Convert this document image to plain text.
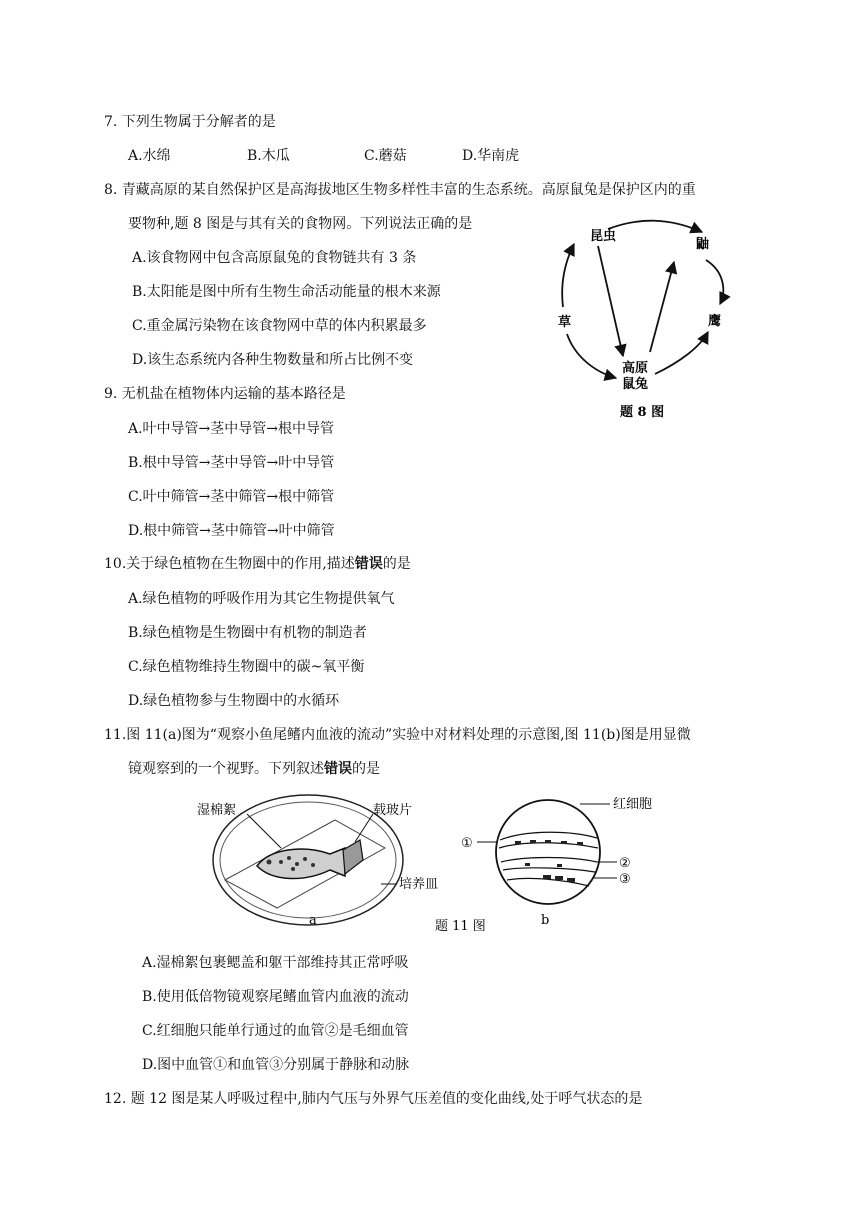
7. 下列生物属于分解者的是
A.水绵	B.木瓜	C.蘑菇	D.华南虎
8. 青藏高原的某自然保护区是高海拔地区生物多样性丰富的生态系统。高原鼠兔是保护区内的重
要物种,题 8 图是与其有关的食物网。下列说法正确的是
A.该食物网中包含高原鼠兔的食物链共有 3 条
B.太阳能是图中所有生物生命活动能量的根木来源
C.重金属污染物在该食物网中草的体内积累最多
D.该生态系统内各种生物数量和所占比例不变
昆虫
鼬
鹰
草
高原
鼠兔
题 8 图
9. 无机盐在植物体内运输的基本路径是
A.叶中导管→茎中导管→根中导管
B.根中导管→茎中导管→叶中导管
C.叶中筛管→茎中筛管→根中筛管
D.根中筛管→茎中筛管→叶中筛管
10.关于绿色植物在生物圈中的作用,描述错误的是
A.绿色植物的呼吸作用为其它生物提供氧气
B.绿色植物是生物圈中有机物的制造者
C.绿色植物维持生物圈中的碳~氧平衡
D.绿色植物参与生物圈中的水循环
11.图 11(a)图为“观察小鱼尾鳍内血液的流动”实验中对材料处理的示意图,图 11(b)图是用显微
镜观察到的一个视野。下列叙述错误的是
湿棉絮	载玻片
培养皿
a
红细胞
①
②
③
b
题 11 图
A.湿棉絮包裹鳃盖和躯干部维持其正常呼吸
B.使用低倍物镜观察尾鳍血管内血液的流动
C.红细胞只能单行通过的血管②是毛细血管
D.图中血管①和血管③分别属于静脉和动脉
12. 题 12 图是某人呼吸过程中,肺内气压与外界气压差值的变化曲线,处于呼气状态的是
